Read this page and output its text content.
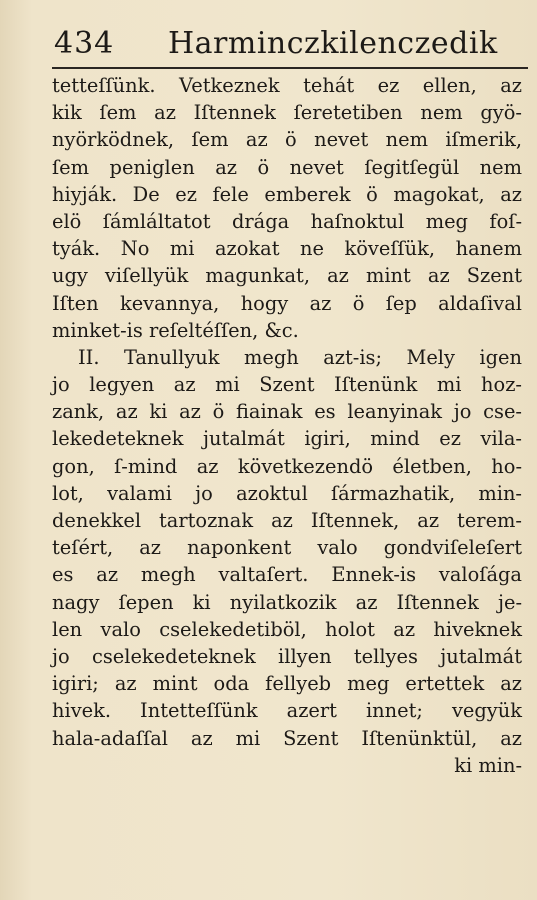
434 Harminczkilenczedik
tetteſſünk. Vetkeznek tehát ez ellen, az
kik ſem az Iſtennek ſeretetiben nem gyö-
nyörködnek, ſem az ö nevet nem iſmerik,
ſem peniglen az ö nevet ſegitſegül nem
hiyják. De ez fele emberek ö magokat, az
elö ſámláltatot drága haſnoktul meg foſ-
tyák. No mi azokat ne köveſſük, hanem
ugy viſellyük magunkat, az mint az Szent
Iſten kevannya, hogy az ö ſep aldaſival
minket-is reſeltéſſen, &c.
II. Tanullyuk megh azt-is; Mely igen
jo legyen az mi Szent Iſtenünk mi hoz-
zank, az ki az ö fiainak es leanyinak jo cse-
lekedeteknek jutalmát igiri, mind ez vila-
gon, ſ-mind az következendö életben, ho-
lot, valami jo azoktul ſármazhatik, min-
denekkel tartoznak az Iſtennek, az terem-
teſért, az naponkent valo gondviſeleſert
es az megh valtaſert. Ennek-is valoſága
nagy ſepen ki nyilatkozik az Iſtennek je-
len valo cselekedetiböl, holot az hiveknek
jo cselekedeteknek illyen tellyes jutalmát
igiri; az mint oda fellyeb meg ertettek az
hivek. Intetteſſünk azert innet; vegyük
hala-adaſſal az mi Szent Iſtenünktül, az
ki min-
